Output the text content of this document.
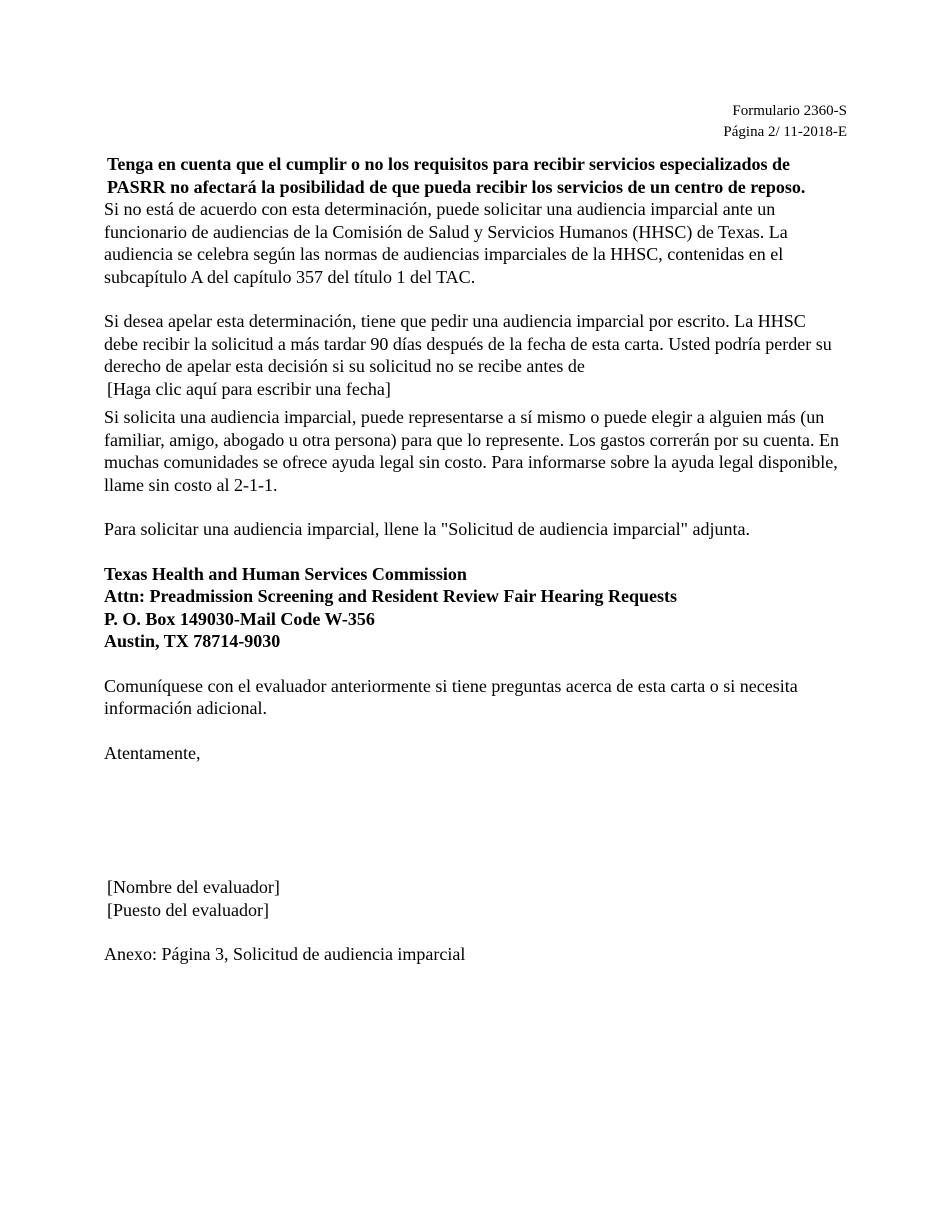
Formulario 2360-S
Página 2/ 11-2018-E

Tenga en cuenta que el cumplir o no los requisitos para recibir servicios especializados de PASRR no afectará la posibilidad de que pueda recibir los servicios de un centro de reposo.

Si no está de acuerdo con esta determinación, puede solicitar una audiencia imparcial ante un funcionario de audiencias de la Comisión de Salud y Servicios Humanos (HHSC) de Texas. La audiencia se celebra según las normas de audiencias imparciales de la HHSC, contenidas en el subcapítulo A del capítulo 357 del título 1 del TAC.

Si desea apelar esta determinación, tiene que pedir una audiencia imparcial por escrito. La HHSC debe recibir la solicitud a más tardar 90 días después de la fecha de esta carta. Usted podría perder su derecho de apelar esta decisión si su solicitud no se recibe antes de

[Haga clic aquí para escribir una fecha]

Si solicita una audiencia imparcial, puede representarse a sí mismo o puede elegir a alguien más (un familiar, amigo, abogado u otra persona) para que lo represente. Los gastos correrán por su cuenta. En muchas comunidades se ofrece ayuda legal sin costo. Para informarse sobre la ayuda legal disponible, llame sin costo al 2-1-1.

Para solicitar una audiencia imparcial, llene la "Solicitud de audiencia imparcial" adjunta.

Texas Health and Human Services Commission
Attn: Preadmission Screening and Resident Review Fair Hearing Requests
P. O. Box 149030-Mail Code W-356
Austin, TX 78714-9030

Comuníquese con el evaluador anteriormente si tiene preguntas acerca de esta carta o si necesita información adicional.

Atentamente,

[Nombre del evaluador]
[Puesto del evaluador]

Anexo: Página 3, Solicitud de audiencia imparcial
